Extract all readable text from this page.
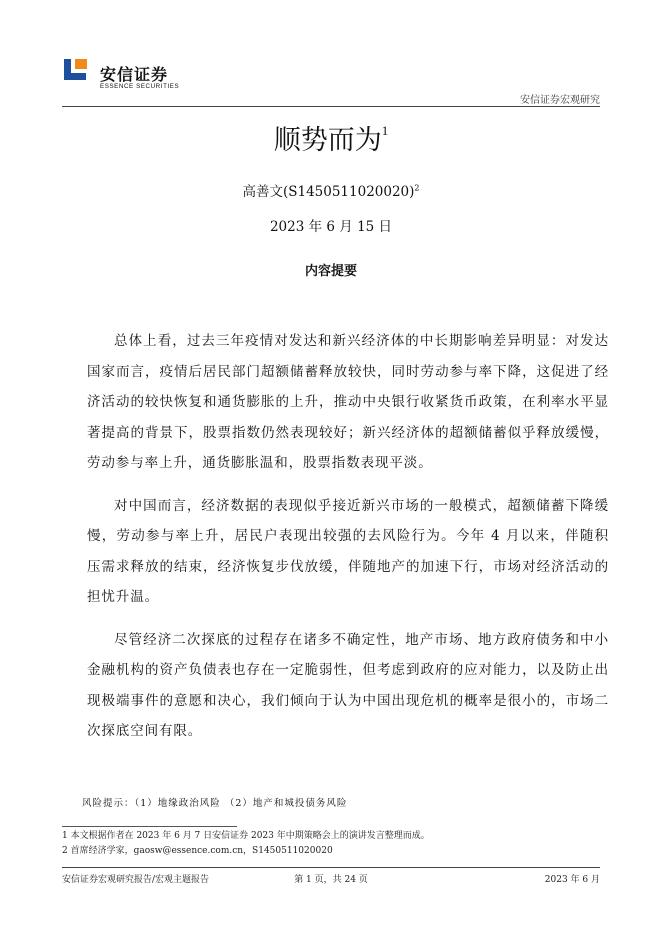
安信证券
ESSENCE SECURITIES
安信证券宏观研究
顺势而为$^1$
高善文$(S1450511020020)^2$
2023 年 6 月 15 日
内容提要

总体上看，过去三年疫情对发达和新兴经济体的中长期影响差异明显：对发达国家而言，疫情后居民部门超额储蓄释放较快，同时劳动参与率下降，这促进了经济活动的较快恢复和通货膨胀的上升，推动中央银行收紧货币政策，在利率水平显著提高的背景下，股票指数仍然表现较好；新兴经济体的超额储蓄似乎释放缓慢，劳动参与率上升，通货膨胀温和，股票指数表现平淡。

对中国而言，经济数据的表现似乎接近新兴市场的一般模式，超额储蓄下降缓慢，劳动参与率上升，居民户表现出较强的去风险行为。今年 4 月以来，伴随积压需求释放的结束，经济恢复步伐放缓，伴随地产的加速下行，市场对经济活动的担忧升温。

尽管经济二次探底的过程存在诸多不确定性，地产市场、地方政府债务和中小金融机构的资产负债表也存在一定脆弱性，但考虑到政府的应对能力，以及防止出现极端事件的意愿和决心，我们倾向于认为中国出现危机的概率是很小的，市场二次探底空间有限。

风险提示：（1）地缘政治风险 （2）地产和城投债务风险
1 本文根据作者在 2023 年 6 月 7 日安信证券 2023 年中期策略会上的演讲发言整理而成。
2 首席经济学家，gaosw@essence.com.cn，S1450511020020
安信证券宏观研究报告/宏观主题报告	第 1 页，共 24 页	2023 年 6 月
